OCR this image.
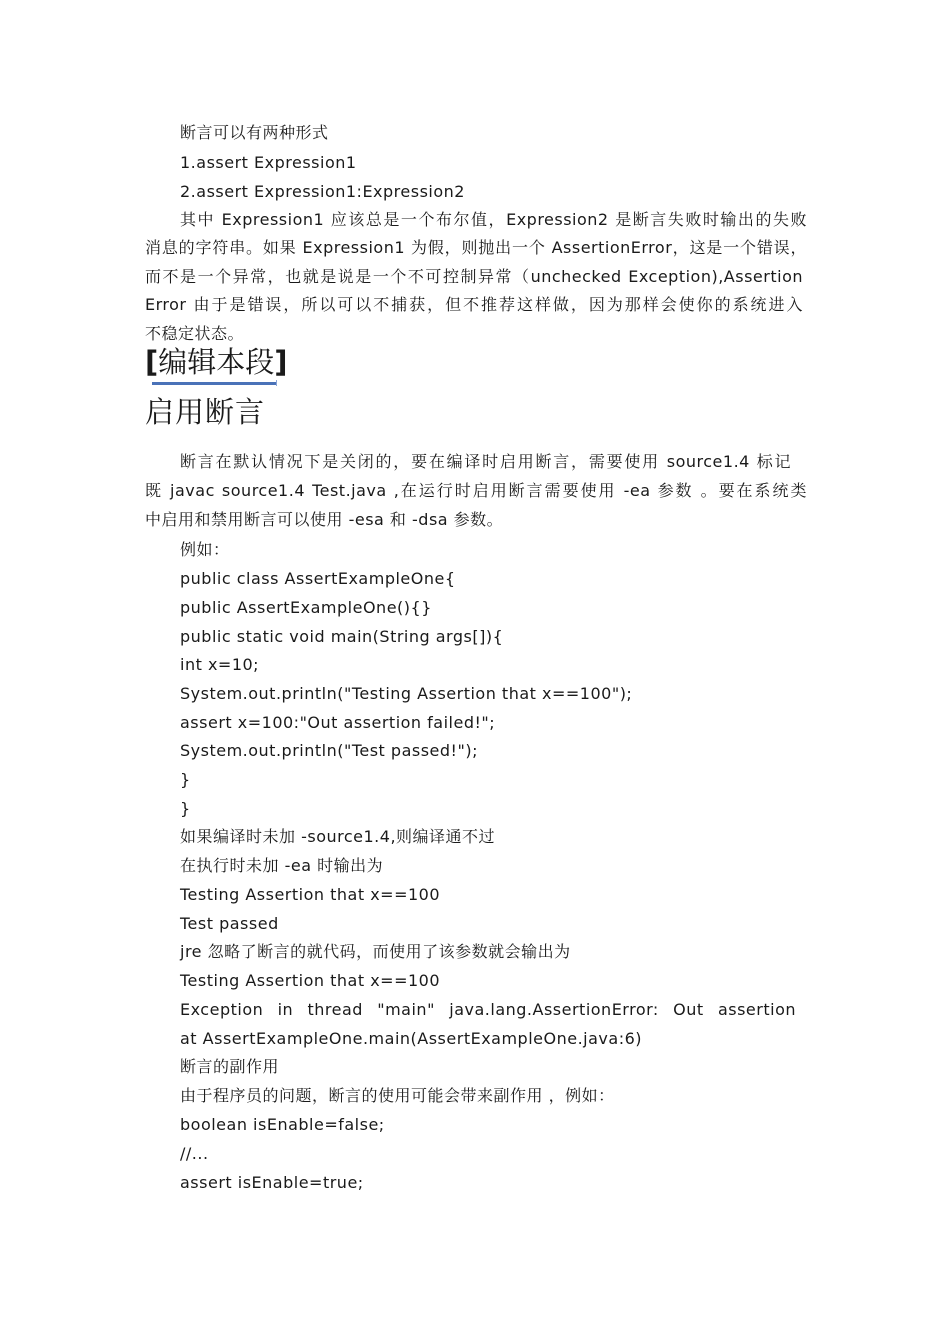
断言可以有两种形式
1.assert Expression1
2.assert Expression1:Expression2
其中 Expression1 应该总是一个布尔值，Expression2 是断言失败时输出的失败
消息的字符串。如果 Expression1 为假，则抛出一个 AssertionError，这是一个错误，
而不是一个异常，也就是说是一个不可控制异常（unchecked Exception),Assertion
Error 由于是错误，所以可以不捕获，但不推荐这样做，因为那样会使你的系统进入
不稳定状态。
[编辑本段]
启用断言
断言在默认情况下是关闭的，要在编译时启用断言，需要使用 source1.4 标记
既 javac source1.4 Test.java ,在运行时启用断言需要使用 -ea 参数 。要在系统类
中启用和禁用断言可以使用 -esa 和 -dsa 参数。
例如：
public class AssertExampleOne{
public AssertExampleOne(){}
public static void main(String args[]){
int x=10;
System.out.println("Testing Assertion that x==100");
assert x=100:"Out assertion failed!";
System.out.println("Test passed!");
}
}
如果编译时未加 -source1.4,则编译通不过
在执行时未加 -ea 时输出为
Testing Assertion that x==100
Test passed
jre 忽略了断言的就代码，而使用了该参数就会输出为
Testing Assertion that x==100
Exception in thread "main" java.lang.AssertionError: Out assertion
at AssertExampleOne.main(AssertExampleOne.java:6)
断言的副作用
由于程序员的问题，断言的使用可能会带来副作用 ，例如：
boolean isEnable=false;
//...
assert isEnable=true;
